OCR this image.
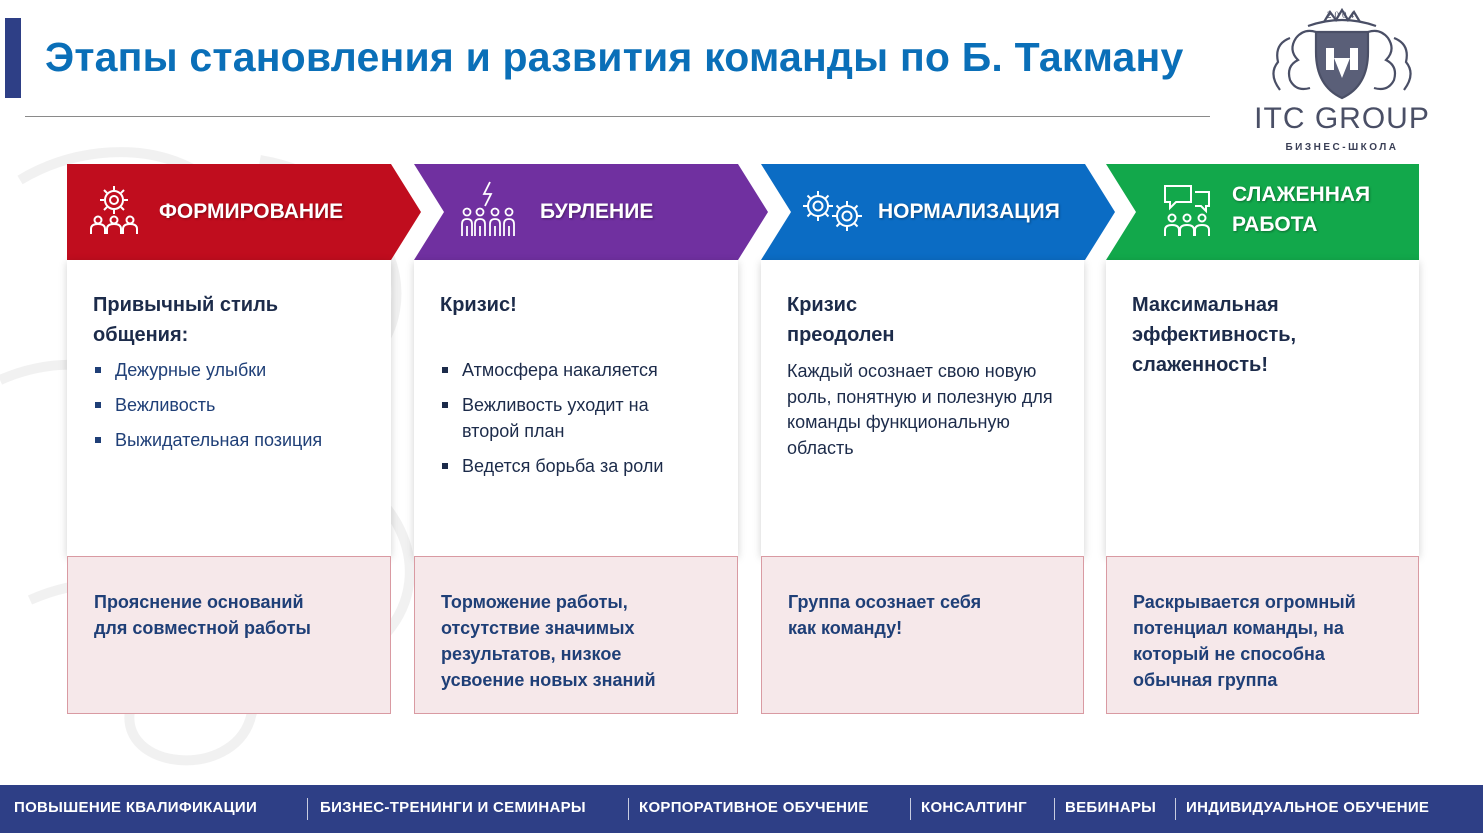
Этапы становления и развития команды по Б. Такману
2004
ITC GROUP
БИЗНЕС-ШКОЛА
ФОРМИРОВАНИЕ	БУРЛЕНИЕ	НОРМАЛИЗАЦИЯ
СЛАЖЕННАЯ РАБОТА
Привычный стиль общения:
Дежурные улыбки
Вежливость
Выжидательная позиция
Кризис!
Атмосфера накаляется
Вежливость уходит на второй план
Ведется борьба за роли
Кризис преодолен
Каждый осознает свою новую роль, понятную и полезную для команды функциональную область
Максимальная эффективность, слаженность!
Прояснение оснований для совместной работы
Торможение работы, отсутствие значимых результатов, низкое усвоение новых знаний
Группа осознает себя как команду!
Раскрывается огромный потенциал команды, на который не способна обычная группа
ПОВЫШЕНИЕ КВАЛИФИКАЦИИ	БИЗНЕС-ТРЕНИНГИ И СЕМИНАРЫ	КОРПОРАТИВНОЕ ОБУЧЕНИЕ	КОНСАЛТИНГ	ВЕБИНАРЫ ИНДИВИДУАЛЬНОЕ ОБУЧЕНИЕ
